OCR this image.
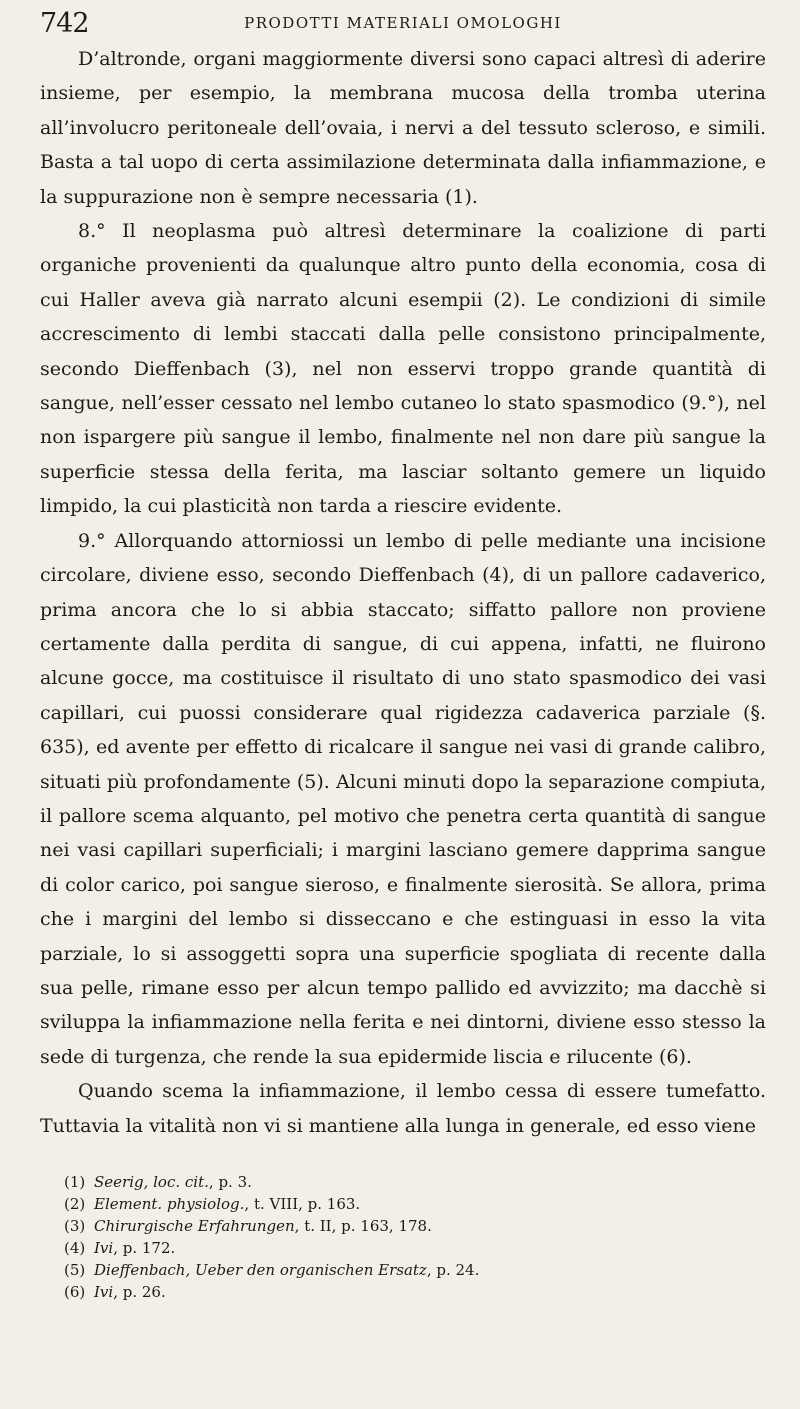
742	PRODOTTI MATERIALI OMOLOGHI

D’altronde, organi maggiormente diversi sono capaci altresì di aderire insieme, per esempio, la membrana mucosa della tromba uterina all’involucro peritoneale dell’ovaia, i nervi a del tessuto scleroso, e simili. Basta a tal uopo di certa assimilazione determinata dalla infiammazione, e la suppurazione non è sempre necessaria (1).

8.° Il neoplasma può altresì determinare la coalizione di parti organiche provenienti da qualunque altro punto della economia, cosa di cui Haller aveva già narrato alcuni esempii (2). Le condizioni di simile accrescimento di lembi staccati dalla pelle consistono principalmente, secondo Dieffenbach (3), nel non esservi troppo grande quantità di sangue, nell’esser cessato nel lembo cutaneo lo stato spasmodico (9.°), nel non ispargere più sangue il lembo, finalmente nel non dare più sangue la superficie stessa della ferita, ma lasciar soltanto gemere un liquido limpido, la cui plasticità non tarda a riescire evidente.

9.° Allorquando attorniossi un lembo di pelle mediante una incisione circolare, diviene esso, secondo Dieffenbach (4), di un pallore cadaverico, prima ancora che lo si abbia staccato; siffatto pallore non proviene certamente dalla perdita di sangue, di cui appena, infatti, ne fluirono alcune gocce, ma costituisce il risultato di uno stato spasmodico dei vasi capillari, cui puossi considerare qual rigidezza cadaverica parziale (§. 635), ed avente per effetto di ricalcare il sangue nei vasi di grande calibro, situati più profondamente (5). Alcuni minuti dopo la separazione compiuta, il pallore scema alquanto, pel motivo che penetra certa quantità di sangue nei vasi capillari superficiali; i margini lasciano gemere dapprima sangue di color carico, poi sangue sieroso, e finalmente sierosità. Se allora, prima che i margini del lembo si disseccano e che estinguasi in esso la vita parziale, lo si assoggetti sopra una superficie spogliata di recente dalla sua pelle, rimane esso per alcun tempo pallido ed avvizzito; ma dacchè si sviluppa la infiammazione nella ferita e nei dintorni, diviene esso stesso la sede di turgenza, che rende la sua epidermide liscia e rilucente (6).

Quando scema la infiammazione, il lembo cessa di essere tumefatto. Tuttavia la vitalità non vi si mantiene alla lunga in generale, ed esso viene

(1) Seerig, loc. cit., p. 3.
(2) Element. physiolog., t. VIII, p. 163.
(3) Chirurgische Erfahrungen, t. II, p. 163, 178.
(4) Ivi, p. 172.
(5) Dieffenbach, Ueber den organischen Ersatz, p. 24.
(6) Ivi, p. 26.
